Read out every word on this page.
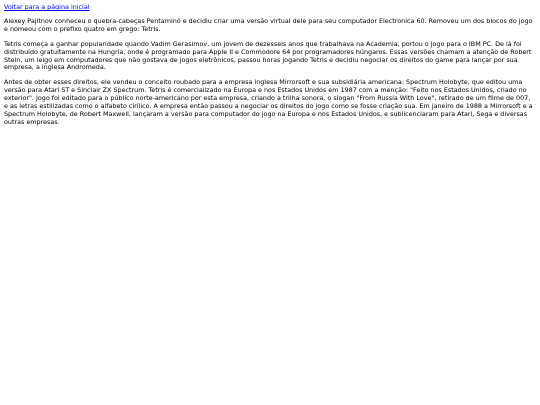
Voltar para a página inicial

Alexey Pajitnov conheceu o quebra-cabeças Pentaminó e decidiu criar uma versão virtual dele para seu computador Electronica 60. Removeu um dos blocos do jogo e nomeou com o prefixo quatro em grego: Tetris.

Tetris começa a ganhar popularidade quando Vadim Gerasimov, um jovem de dezesseis anos que trabalhava na Academia, portou o jogo para o IBM PC. De lá foi distribuído gratuitamente na Hungria, onde é programado para Apple II e Commodore 64 por programadores húngaros. Essas versões chamam a atenção de Robert Stein, um leigo em computadores que não gostava de jogos eletrônicos, passou horas jogando Tetris e decidiu negociar os direitos do game para lançar por sua empresa, a inglesa Andromeda.

Antes de obter esses direitos, ele vendeu o conceito roubado para a empresa inglesa Mirrorsoft e sua subsidiária americana: Spectrum Holobyte, que editou uma versão para Atari ST e Sinclair ZX Spectrum. Tetris é comercializado na Europa e nos Estados Unidos em 1987 com a menção: "Feito nos Estados Unidos, criado no exterior". Jogo foi editado para o público norte-americano por esta empresa, criando a trilha sonora, o slogan "From Russia With Love", retirado de um filme de 007, e as letras estilizadas como o alfabeto cirílico. A empresa então passou a negociar os direitos do jogo como se fosse criação sua. Em janeiro de 1988 a Mirrorsoft e a Spectrum Holobyte, de Robert Maxwell, lançaram a versão para computador do jogo na Europa e nos Estados Unidos, e sublicenciaram para Atari, Sega e diversas outras empresas.
